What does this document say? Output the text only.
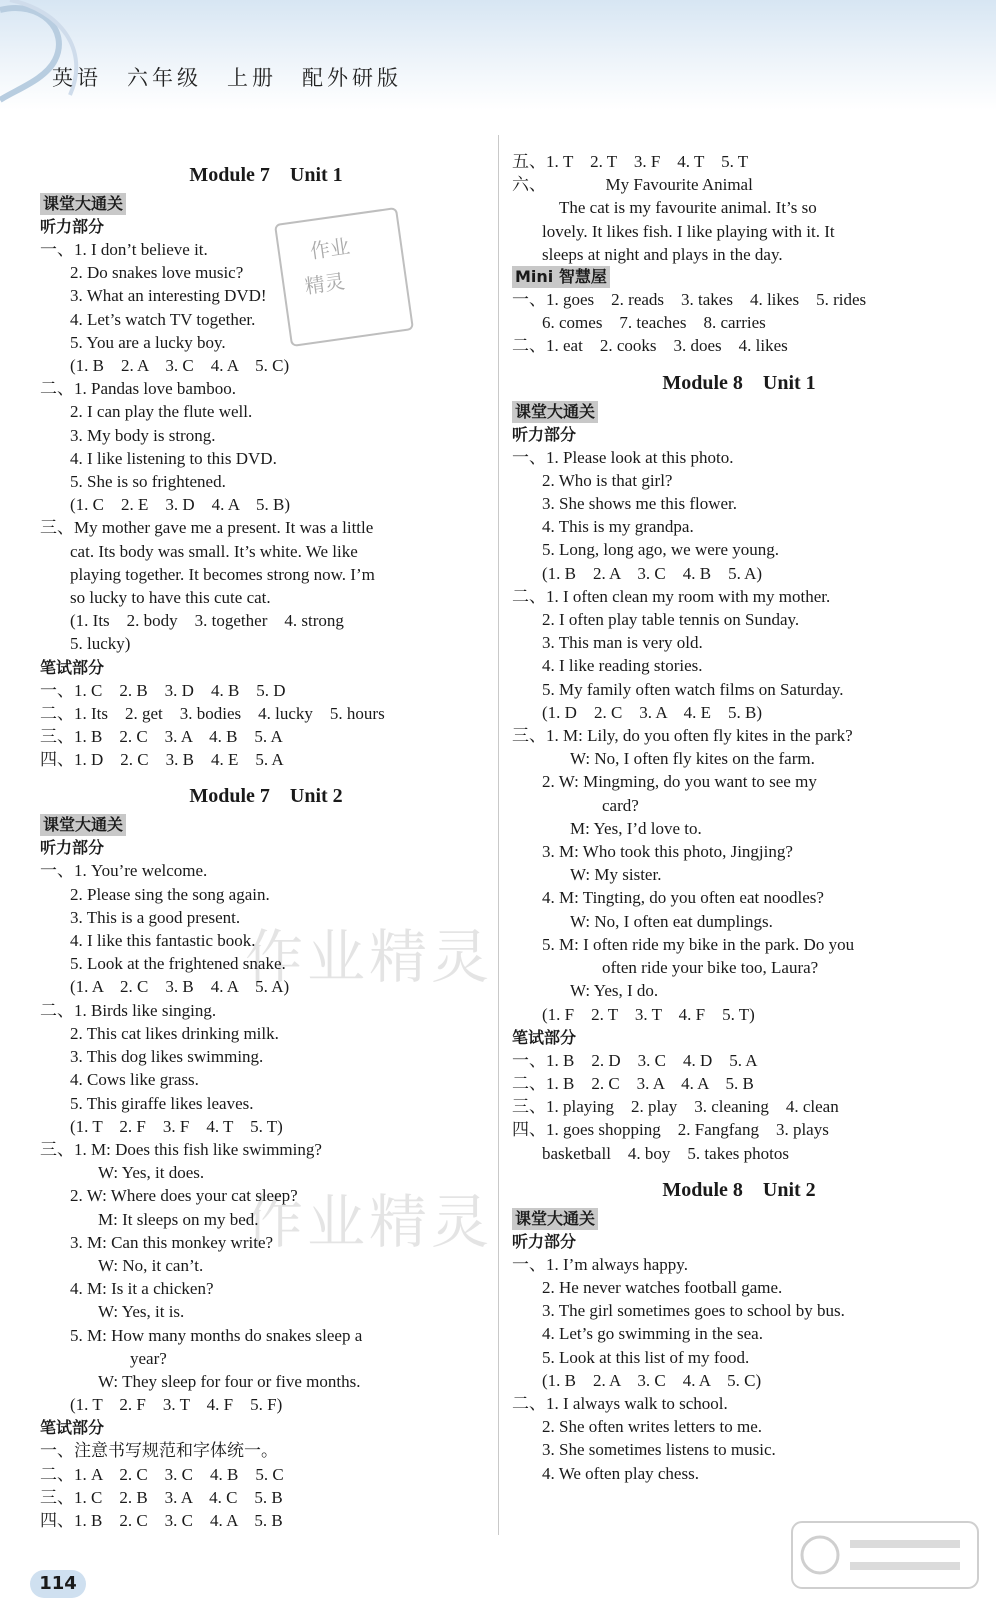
英语　六年级　上册　配外研版
Module 7　Unit 1
课堂大通关
听力部分
一、1. I don’t believe it.
2. Do snakes love music?
3. What an interesting DVD!
4. Let’s watch TV together.
5. You are a lucky boy.
(1. B　2. A　3. C　4. A　5. C)
二、1. Pandas love bamboo.
2. I can play the flute well.
3. My body is strong.
4. I like listening to this DVD.
5. She is so frightened.
(1. C　2. E　3. D　4. A　5. B)
三、My mother gave me a present. It was a little
cat. Its body was small. It’s white. We like
playing together. It becomes strong now. I’m
so lucky to have this cute cat.
(1. Its　2. body　3. together　4. strong
5. lucky)
笔试部分
一、1. C　2. B　3. D　4. B　5. D
二、1. Its　2. get　3. bodies　4. lucky　5. hours
三、1. B　2. C　3. A　4. B　5. A
四、1. D　2. C　3. B　4. E　5. A
Module 7　Unit 2
课堂大通关
听力部分
一、1. You’re welcome.
2. Please sing the song again.
3. This is a good present.
4. I like this fantastic book.
5. Look at the frightened snake.
(1. A　2. C　3. B　4. A　5. A)
二、1. Birds like singing.
2. This cat likes drinking milk.
3. This dog likes swimming.
4. Cows like grass.
5. This giraffe likes leaves.
(1. T　2. F　3. F　4. T　5. T)
三、1. M: Does this fish like swimming?
W: Yes, it does.
2. W: Where does your cat sleep?
M: It sleeps on my bed.
3. M: Can this monkey write?
W: No, it can’t.
4. M: Is it a chicken?
W: Yes, it is.
5. M: How many months do snakes sleep a
year?
W: They sleep for four or five months.
(1. T　2. F　3. T　4. F　5. F)
笔试部分
一、注意书写规范和字体统一。
二、1. A　2. C　3. C　4. B　5. C
三、1. C　2. B　3. A　4. C　5. B
四、1. B　2. C　3. C　4. A　5. B
五、1. T　2. T　3. F　4. T　5. T
六、　　　　My Favourite Animal
　The cat is my favourite animal. It’s so
lovely. It likes fish. I like playing with it. It
sleeps at night and plays in the day.
Mini 智慧屋
一、1. goes　2. reads　3. takes　4. likes　5. rides
6. comes　7. teaches　8. carries
二、1. eat　2. cooks　3. does　4. likes
Module 8　Unit 1
课堂大通关
听力部分
一、1. Please look at this photo.
2. Who is that girl?
3. She shows me this flower.
4. This is my grandpa.
5. Long, long ago, we were young.
(1. B　2. A　3. C　4. B　5. A)
二、1. I often clean my room with my mother.
2. I often play table tennis on Sunday.
3. This man is very old.
4. I like reading stories.
5. My family often watch films on Saturday.
(1. D　2. C　3. A　4. E　5. B)
三、1. M: Lily, do you often fly kites in the park?
W: No, I often fly kites on the farm.
2. W: Mingming, do you want to see my
card?
M: Yes, I’d love to.
3. M: Who took this photo, Jingjing?
W: My sister.
4. M: Tingting, do you often eat noodles?
W: No, I often eat dumplings.
5. M: I often ride my bike in the park. Do you
often ride your bike too, Laura?
W: Yes, I do.
(1. F　2. T　3. T　4. F　5. T)
笔试部分
一、1. B　2. D　3. C　4. D　5. A
二、1. B　2. C　3. A　4. A　5. B
三、1. playing　2. play　3. cleaning　4. clean
四、1. goes shopping　2. Fangfang　3. plays
basketball　4. boy　5. takes photos
Module 8　Unit 2
课堂大通关
听力部分
一、1. I’m always happy.
2. He never watches football game.
3. The girl sometimes goes to school by bus.
4. Let’s go swimming in the sea.
5. Look at this list of my food.
(1. B　2. A　3. C　4. A　5. C)
二、1. I always walk to school.
2. She often writes letters to me.
3. She sometimes listens to music.
4. We often play chess.
作业
精灵
作业精灵
作业精灵
114
